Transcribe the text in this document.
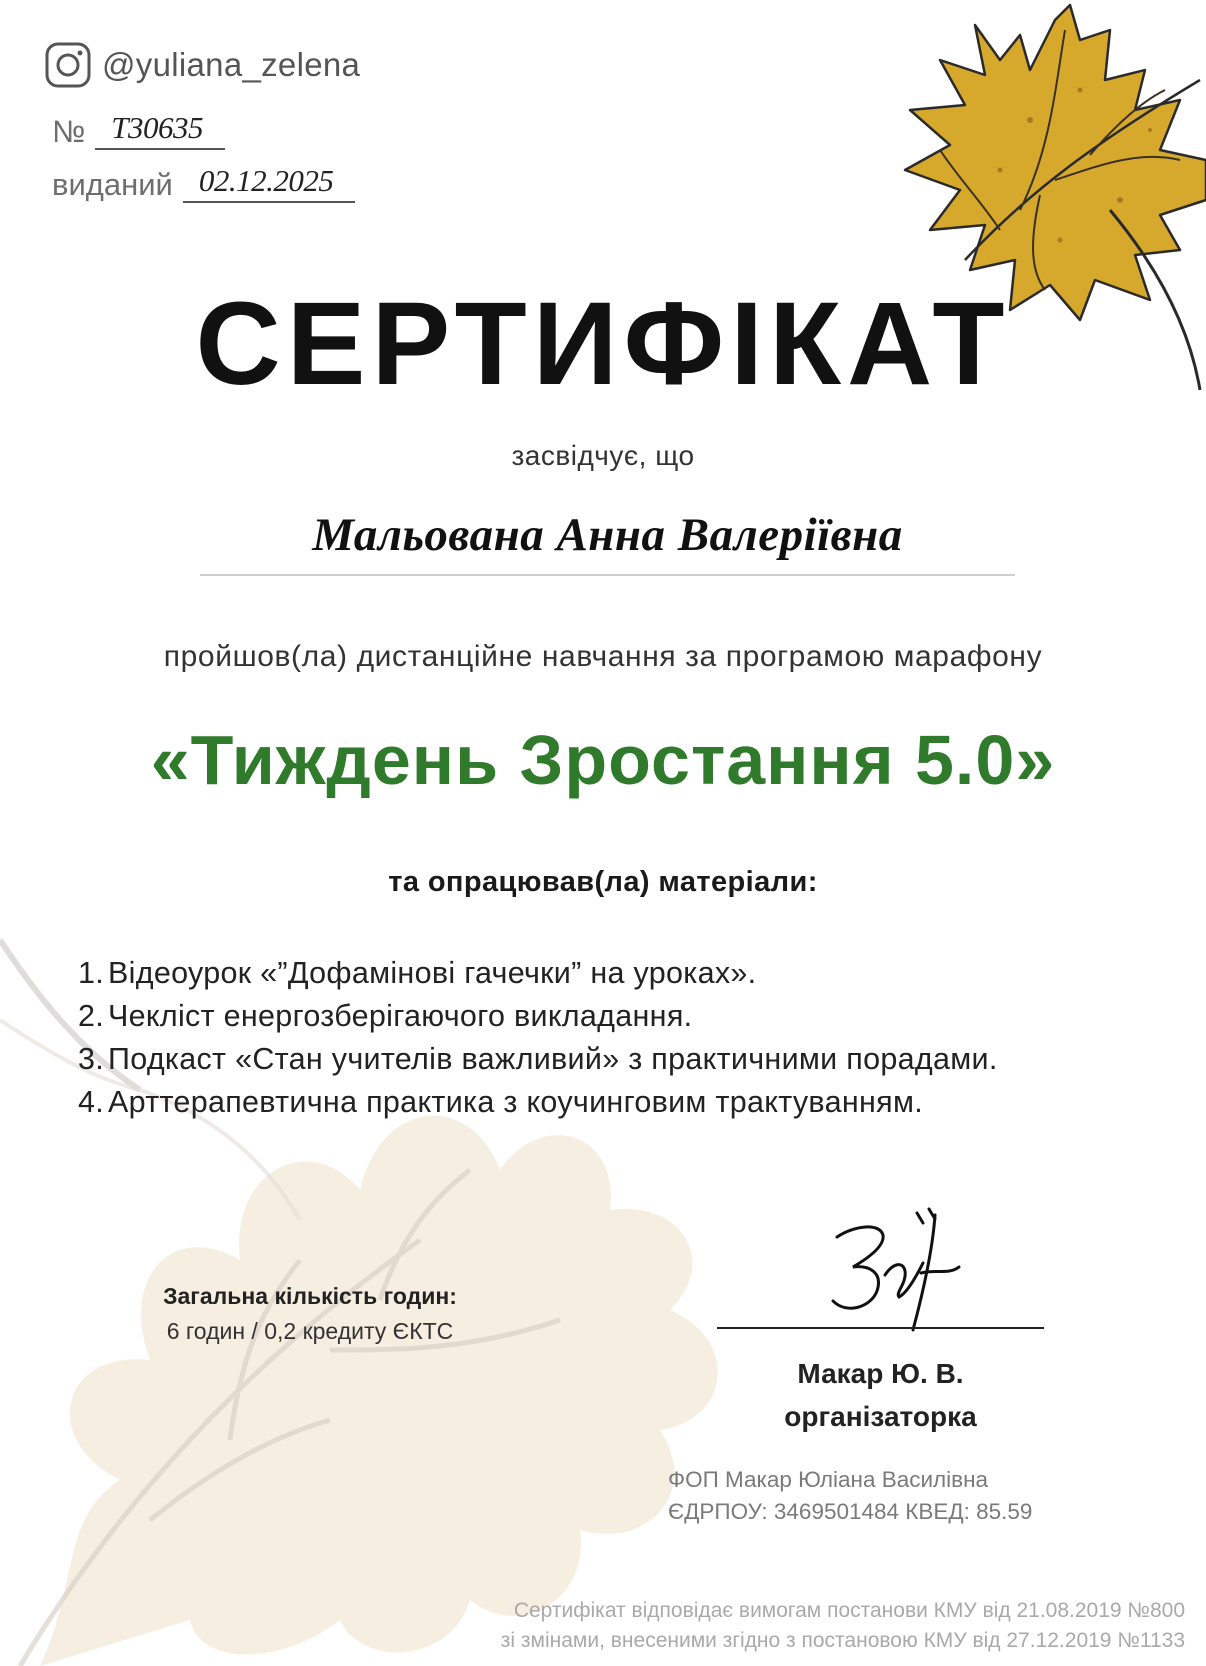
@yuliana_zelena
№ T30635
виданий 02.12.2025
СЕРТИФІКАТ
засвідчує, що
Мальована Анна Валеріївна
пройшов(ла) дистанційне навчання за програмою марафону
«Тиждень Зростання 5.0»
та опрацював(ла) матеріали:
1. Відеоурок «”Дофамінові гачечки” на уроках».
2. Чекліст енергозберігаючого викладання.
3. Подкаст «Стан учителів важливий» з практичними порадами.
4. Арттерапевтична практика з коучинговим трактуванням.
Загальна кількість годин:
6 годин / 0,2 кредиту ЄКТС
Макар Ю. В.
організаторка
ФОП Макар Юліана Василівна
ЄДРПОУ: 3469501484 КВЕД: 85.59
Сертифікат відповідає вимогам постанови КМУ від 21.08.2019 №800
зі змінами, внесеними згідно з постановою КМУ від 27.12.2019 №1133
